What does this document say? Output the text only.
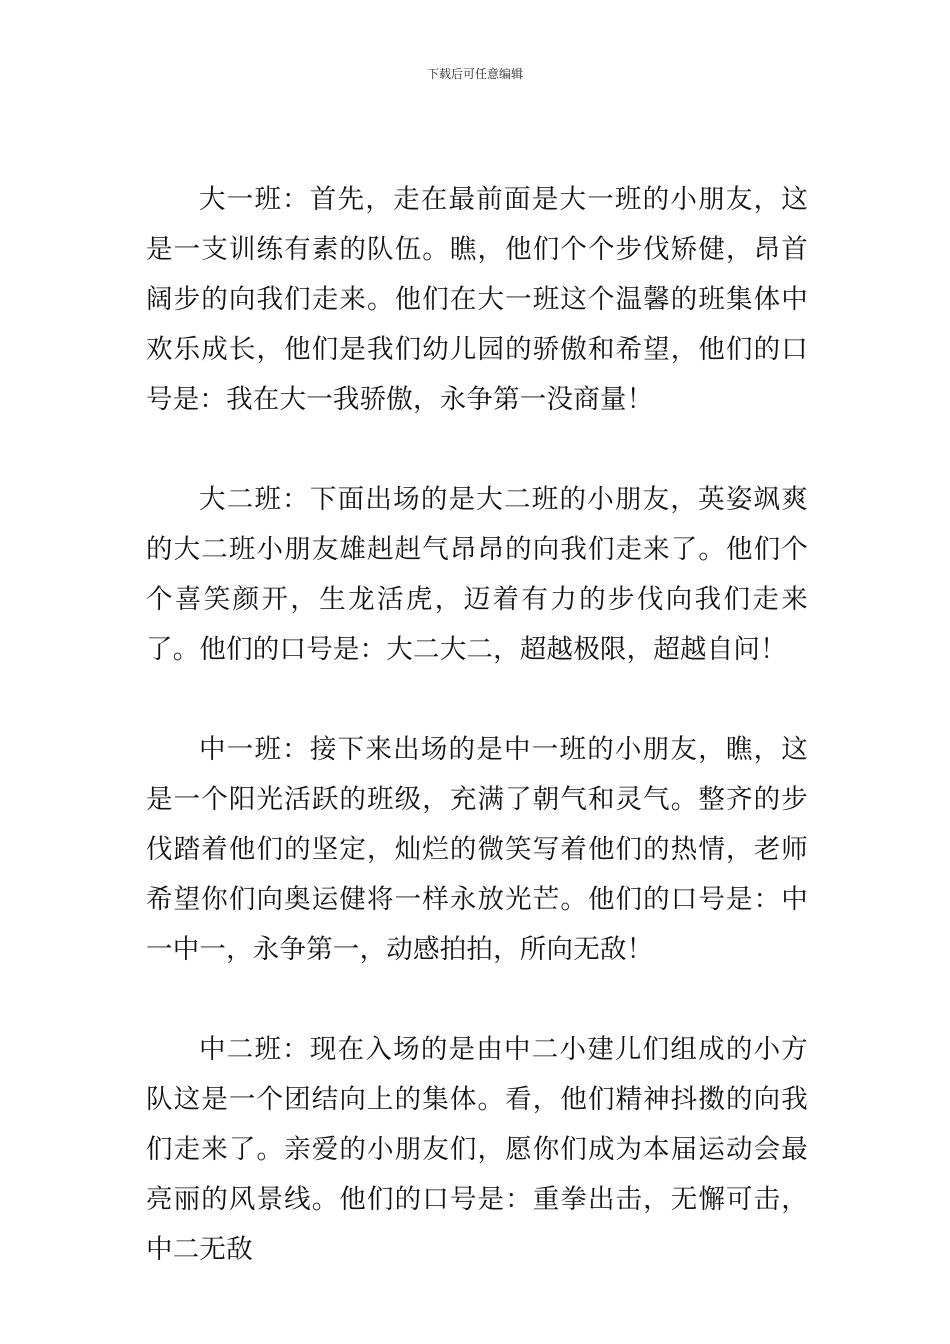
下载后可任意编辑

大一班：首先，走在最前面是大一班的小朋友，这是一支训练有素的队伍。瞧，他们个个步伐矫健，昂首阔步的向我们走来。他们在大一班这个温馨的班集体中欢乐成长，他们是我们幼儿园的骄傲和希望，他们的口号是：我在大一我骄傲，永争第一没商量！

大二班：下面出场的是大二班的小朋友，英姿飒爽的大二班小朋友雄赳赳气昂昂的向我们走来了。他们个个喜笑颜开，生龙活虎，迈着有力的步伐向我们走来了。他们的口号是：大二大二，超越极限，超越自问！

中一班：接下来出场的是中一班的小朋友，瞧，这是一个阳光活跃的班级，充满了朝气和灵气。整齐的步伐踏着他们的坚定，灿烂的微笑写着他们的热情，老师希望你们向奥运健将一样永放光芒。他们的口号是：中一中一，永争第一，动感拍拍，所向无敌！

中二班：现在入场的是由中二小建儿们组成的小方队这是一个团结向上的集体。看，他们精神抖擞的向我们走来了。亲爱的小朋友们，愿你们成为本届运动会最亮丽的风景线。他们的口号是：重拳出击，无懈可击，中二无敌
